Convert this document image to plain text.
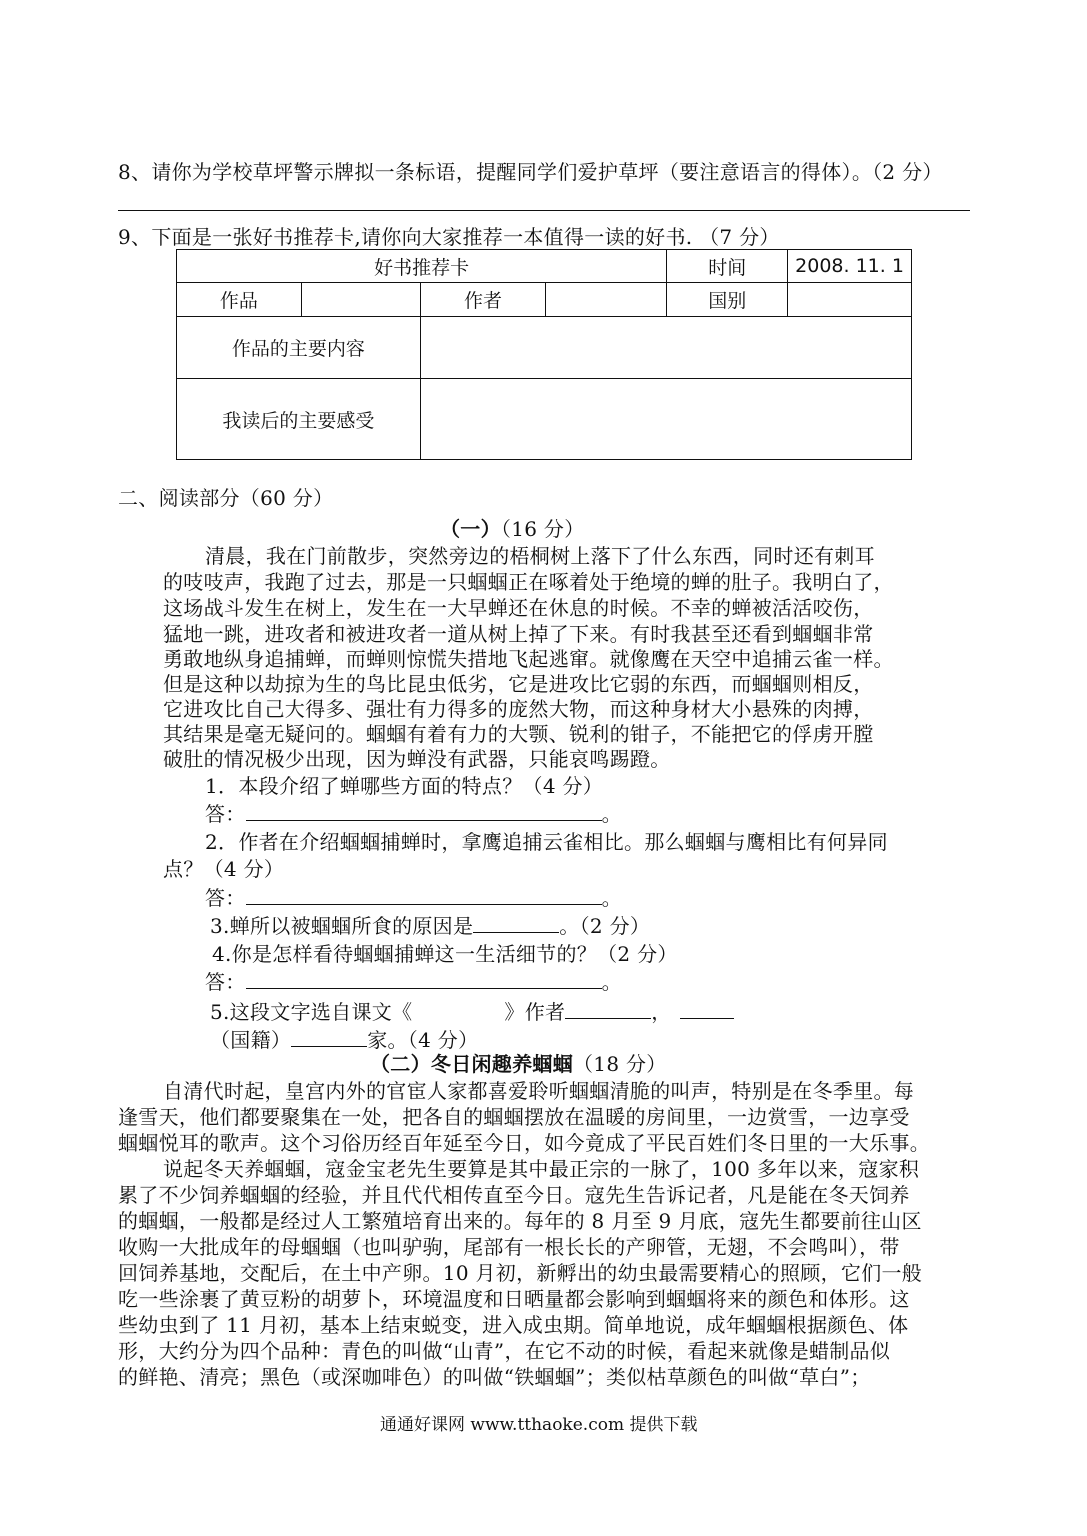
8、请你为学校草坪警示牌拟一条标语，提醒同学们爱护草坪（要注意语言的得体）。（2 分）
9、下面是一张好书推荐卡,请你向大家推荐一本值得一读的好书. （7 分）
好书推荐卡				时间	2008. 11. 1
作品		作者		国别	
作品的主要内容					
我读后的主要感受					
二、阅读部分（60 分）
（一）（16 分）
清晨，我在门前散步，突然旁边的梧桐树上落下了什么东西，同时还有刺耳
的吱吱声，我跑了过去，那是一只蝈蝈正在啄着处于绝境的蝉的肚子。我明白了，
这场战斗发生在树上，发生在一大早蝉还在休息的时候。不幸的蝉被活活咬伤，
猛地一跳，进攻者和被进攻者一道从树上掉了下来。有时我甚至还看到蝈蝈非常
勇敢地纵身追捕蝉，而蝉则惊慌失措地飞起逃窜。就像鹰在天空中追捕云雀一样。
但是这种以劫掠为生的鸟比昆虫低劣，它是进攻比它弱的东西，而蝈蝈则相反，
它进攻比自己大得多、强壮有力得多的庞然大物，而这种身材大小悬殊的肉搏，
其结果是毫无疑问的。蝈蝈有着有力的大颚、锐利的钳子，不能把它的俘虏开膛
破肚的情况极少出现，因为蝉没有武器，只能哀鸣踢蹬。
1．本段介绍了蝉哪些方面的特点？（4 分）
答：	。
2．作者在介绍蝈蝈捕蝉时，拿鹰追捕云雀相比。那么蝈蝈与鹰相比有何异同
点？（4 分）
答：	。
3.蝉所以被蝈蝈所食的原因是	。（2 分）
4.你是怎样看待蝈蝈捕蝉这一生活细节的？（2 分）
答：	。
5.这段文字选自课文《	》作者	，
（国籍）	家。（4 分）
（二）冬日闲趣养蝈蝈（18 分）
自清代时起，皇宫内外的官宦人家都喜爱聆听蝈蝈清脆的叫声，特别是在冬季里。每
逢雪天，他们都要聚集在一处，把各自的蝈蝈摆放在温暖的房间里，一边赏雪，一边享受
蝈蝈悦耳的歌声。这个习俗历经百年延至今日，如今竟成了平民百姓们冬日里的一大乐事。
说起冬天养蝈蝈，寇金宝老先生要算是其中最正宗的一脉了，100 多年以来，寇家积
累了不少饲养蝈蝈的经验，并且代代相传直至今日。寇先生告诉记者，凡是能在冬天饲养
的蝈蝈，一般都是经过人工繁殖培育出来的。每年的 8 月至 9 月底，寇先生都要前往山区
收购一大批成年的母蝈蝈（也叫驴驹，尾部有一根长长的产卵管，无翅，不会鸣叫），带
回饲养基地，交配后，在土中产卵。10 月初，新孵出的幼虫最需要精心的照顾，它们一般
吃一些涂裹了黄豆粉的胡萝卜，环境温度和日晒量都会影响到蝈蝈将来的颜色和体形。这
些幼虫到了 11 月初，基本上结束蜕变，进入成虫期。简单地说，成年蝈蝈根据颜色、体
形，大约分为四个品种：青色的叫做“山青”，在它不动的时候，看起来就像是蜡制品似
的鲜艳、清亮；黑色（或深咖啡色）的叫做“铁蝈蝈”；类似枯草颜色的叫做“草白”；
通通好课网 www.tthaoke.com 提供下载
